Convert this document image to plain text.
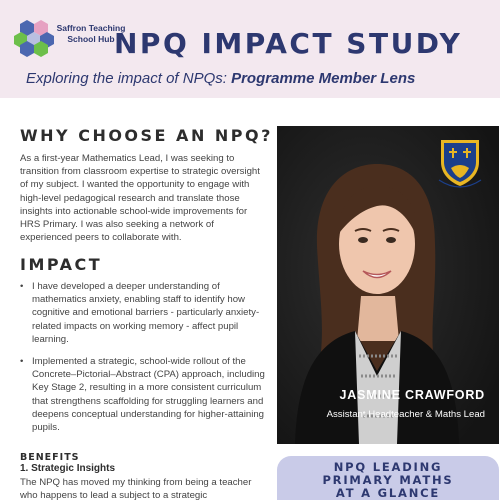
Saffron Teaching School Hub NPQ IMPACT STUDY
Exploring the impact of NPQs: Programme Member Lens
WHY CHOOSE AN NPQ?
As a first-year Mathematics Lead, I was seeking to transition from classroom expertise to strategic oversight of my subject. I wanted the opportunity to engage with high-level pedagogical research and translate those insights into actionable school-wide improvements for HRS Primary. I was also seeking a network of experienced peers to collaborate with.
IMPACT
• I have developed a deeper understanding of mathematics anxiety, enabling staff to identify how cognitive and emotional barriers - particularly anxiety-related impacts on working memory - affect pupil learning.
• Implemented a strategic, school-wide rollout of the Concrete–Pictorial–Abstract (CPA) approach, including Key Stage 2, resulting in a more consistent curriculum that strengthens scaffolding for struggling learners and deepens conceptual understanding for higher-attaining pupils.
BENEFITS
1. Strategic Insights
The NPQ has moved my thinking from being a teacher who happens to lead a subject to a strategic
JASMINE CRAWFORD
Assistant Headteacher & Maths Lead
NPQ LEADING
PRIMARY MATHS
AT A GLANCE
